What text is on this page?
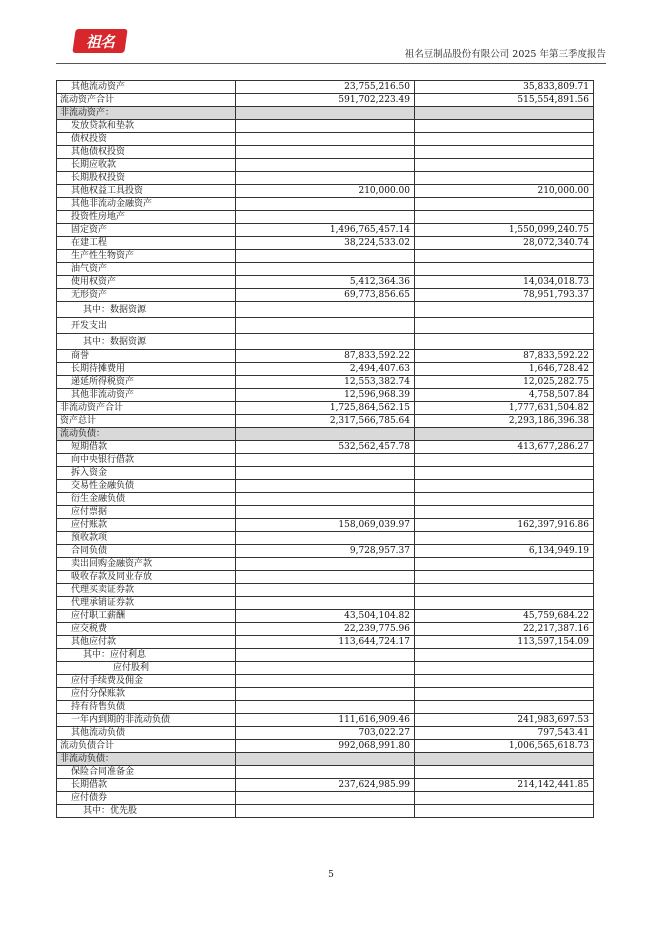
祖名
祖名豆制品股份有限公司 2025 年第三季度报告
其他流动资产	23,755,216.50	35,833,809.71
流动资产合计	591,702,223.49	515,554,891.56
非流动资产：		
发放贷款和垫款		
债权投资		
其他债权投资		
长期应收款		
长期股权投资		
其他权益工具投资	210,000.00	210,000.00
其他非流动金融资产		
投资性房地产		
固定资产	1,496,765,457.14	1,550,099,240.75
在建工程	38,224,533.02	28,072,340.74
生产性生物资产		
油气资产		
使用权资产	5,412,364.36	14,034,018.73
无形资产	69,773,856.65	78,951,793.37
其中：数据资源		
开发支出		
其中：数据资源		
商誉	87,833,592.22	87,833,592.22
长期待摊费用	2,494,407.63	1,646,728.42
递延所得税资产	12,553,382.74	12,025,282.75
其他非流动资产	12,596,968.39	4,758,507.84
非流动资产合计	1,725,864,562.15	1,777,631,504.82
资产总计	2,317,566,785.64	2,293,186,396.38
流动负债：		
短期借款	532,562,457.78	413,677,286.27
向中央银行借款		
拆入资金		
交易性金融负债		
衍生金融负债		
应付票据		
应付账款	158,069,039.97	162,397,916.86
预收款项		
合同负债	9,728,957.37	6,134,949.19
卖出回购金融资产款		
吸收存款及同业存放		
代理买卖证券款		
代理承销证券款		
应付职工薪酬	43,504,104.82	45,759,684.22
应交税费	22,239,775.96	22,217,387.16
其他应付款	113,644,724.17	113,597,154.09
其中：应付利息		
应付股利		
应付手续费及佣金		
应付分保账款		
持有待售负债		
一年内到期的非流动负债	111,616,909.46	241,983,697.53
其他流动负债	703,022.27	797,543.41
流动负债合计	992,068,991.80	1,006,565,618.73
非流动负债：		
保险合同准备金		
长期借款	237,624,985.99	214,142,441.85
应付债券		
其中：优先股		
5
